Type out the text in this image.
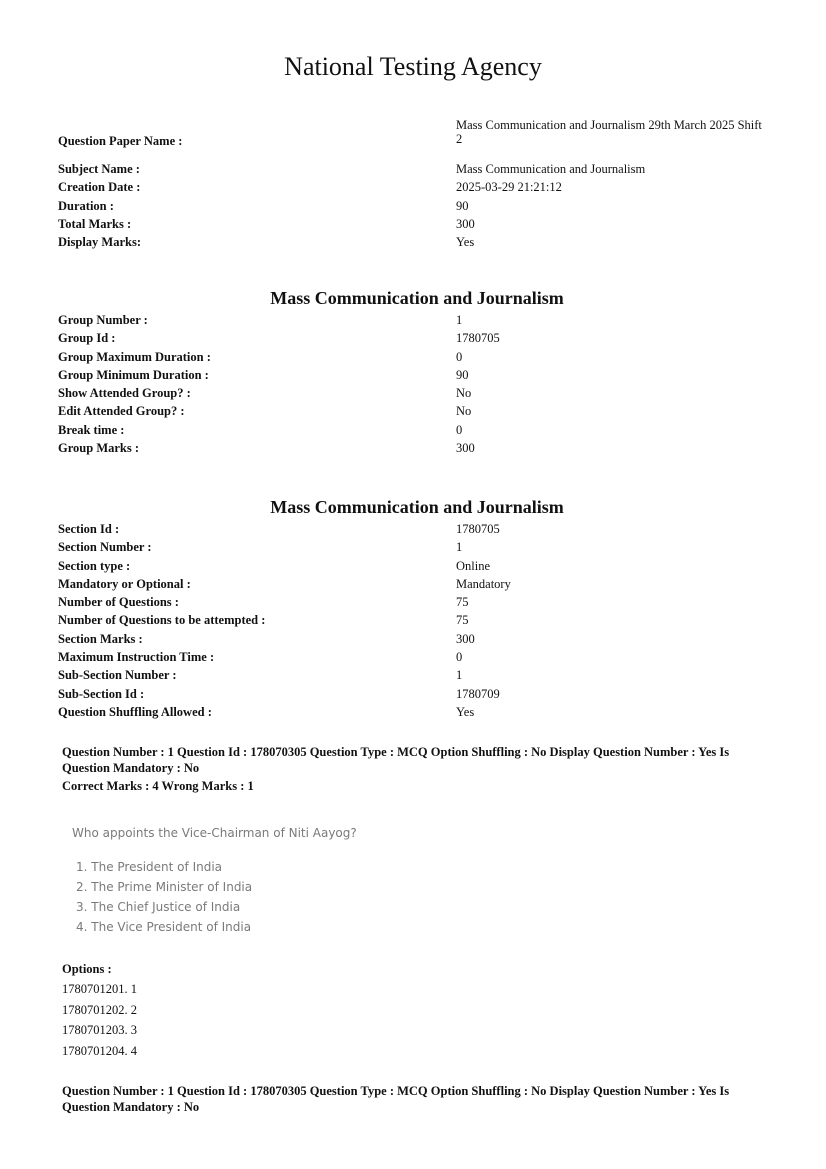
National Testing Agency
Question Paper Name :
Mass Communication and Journalism 29th March 2025 Shift 2
Subject Name :	Mass Communication and Journalism
Creation Date :	2025-03-29 21:21:12
Duration :	90
Total Marks :	300
Display Marks:	Yes
Mass Communication and Journalism
Group Number :	1
Group Id :	1780705
Group Maximum Duration :	0
Group Minimum Duration :	90
Show Attended Group? :	No
Edit Attended Group? :	No
Break time :	0
Group Marks :	300
Mass Communication and Journalism
Section Id :	1780705
Section Number :	1
Section type :	Online
Mandatory or Optional :	Mandatory
Number of Questions :	75
Number of Questions to be attempted :	75
Section Marks :	300
Maximum Instruction Time :	0
Sub-Section Number :	1
Sub-Section Id :	1780709
Question Shuffling Allowed :	Yes
Question Number : 1 Question Id : 178070305 Question Type : MCQ Option Shuffling : No Display Question Number : Yes Is
Question Mandatory : No
Correct Marks : 4 Wrong Marks : 1
Who appoints the Vice-Chairman of Niti Aayog?
1. The President of India
2. The Prime Minister of India
3. The Chief Justice of India
4. The Vice President of India
Options :
1780701201. 1
1780701202. 2
1780701203. 3
1780701204. 4
Question Number : 1 Question Id : 178070305 Question Type : MCQ Option Shuffling : No Display Question Number : Yes Is
Question Mandatory : No
